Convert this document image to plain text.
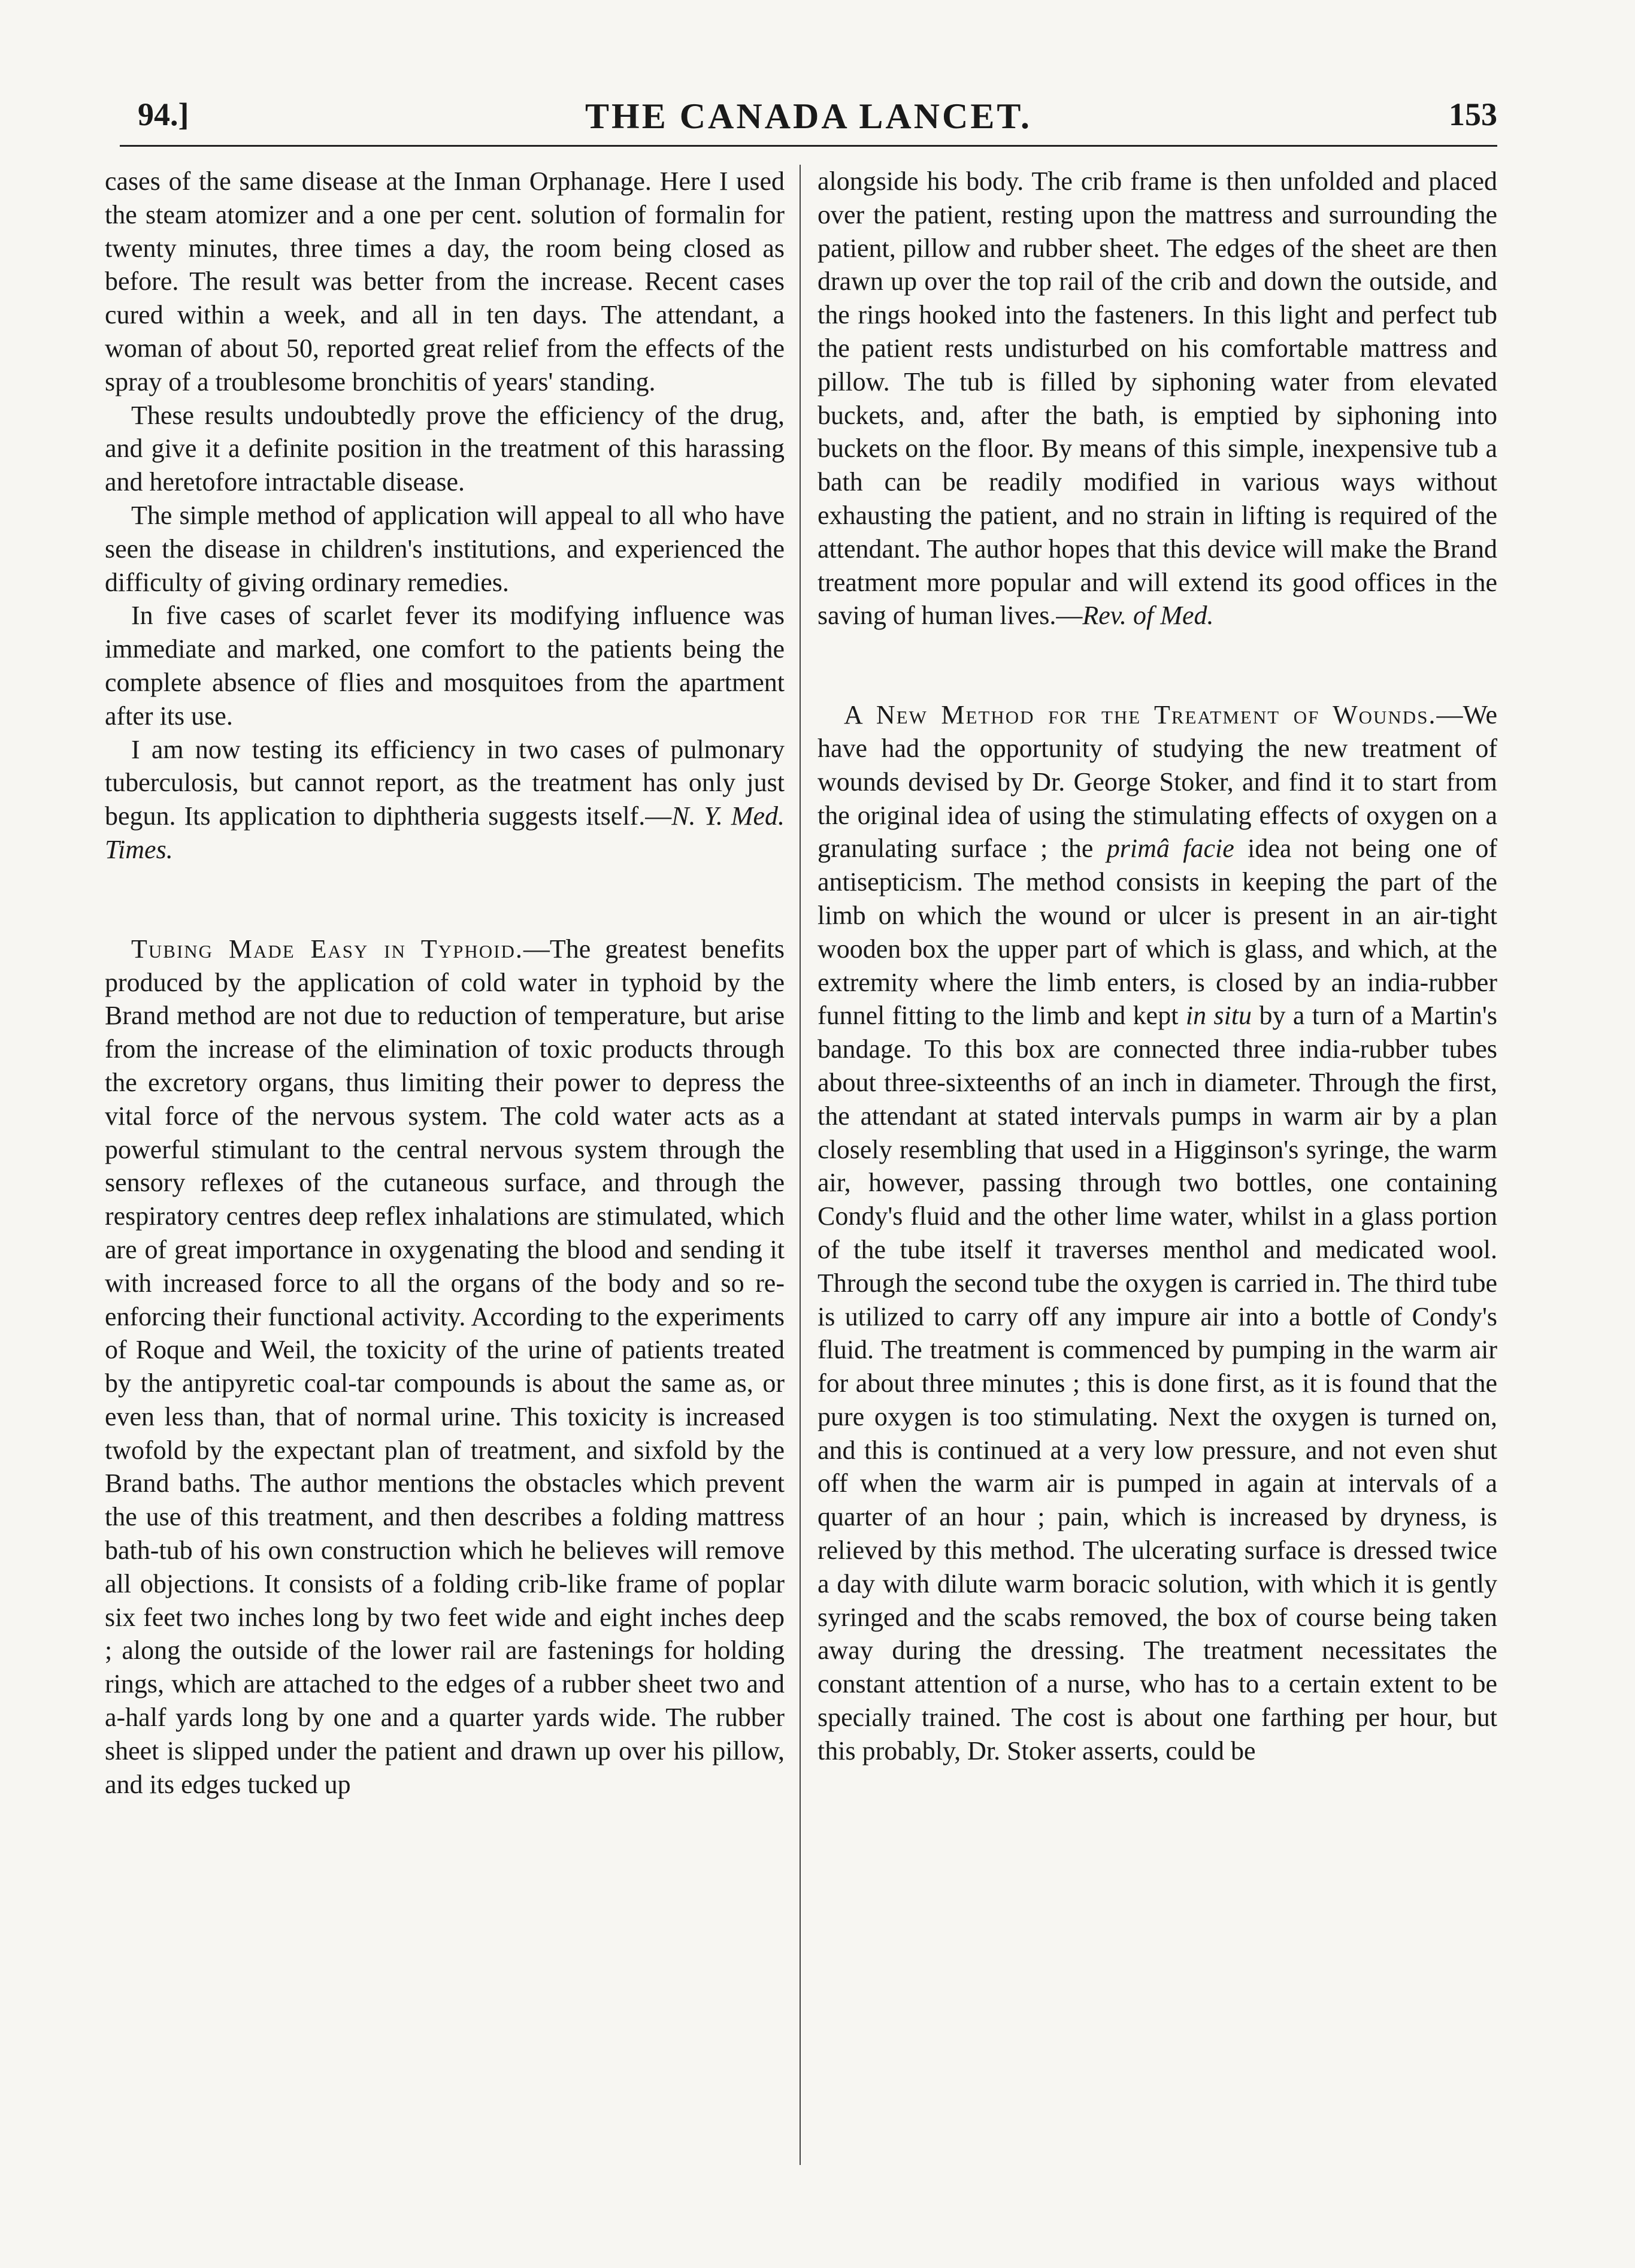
94.]	THE CANADA LANCET.	153

cases of the same disease at the Inman Orphanage. Here I used the steam atomizer and a one per cent. solution of formalin for twenty minutes, three times a day, the room being closed as before. The result was better from the increase. Recent cases cured within a week, and all in ten days. The attendant, a woman of about 50, reported great relief from the effects of the spray of a troublesome bronchitis of years' standing.

These results undoubtedly prove the efficiency of the drug, and give it a definite position in the treatment of this harassing and heretofore intractable disease.

The simple method of application will appeal to all who have seen the disease in children's institutions, and experienced the difficulty of giving ordinary remedies.

In five cases of scarlet fever its modifying influence was immediate and marked, one comfort to the patients being the complete absence of flies and mosquitoes from the apartment after its use.

I am now testing its efficiency in two cases of pulmonary tuberculosis, but cannot report, as the treatment has only just begun. Its application to diphtheria suggests itself.—N. Y. Med. Times.

Tubing Made Easy in Typhoid.—The greatest benefits produced by the application of cold water in typhoid by the Brand method are not due to reduction of temperature, but arise from the increase of the elimination of toxic products through the excretory organs, thus limiting their power to depress the vital force of the nervous system. The cold water acts as a powerful stimulant to the central nervous system through the sensory reflexes of the cutaneous surface, and through the respiratory centres deep reflex inhalations are stimulated, which are of great importance in oxygenating the blood and sending it with increased force to all the organs of the body and so re-enforcing their functional activity. According to the experiments of Roque and Weil, the toxicity of the urine of patients treated by the antipyretic coal-tar compounds is about the same as, or even less than, that of normal urine. This toxicity is increased twofold by the expectant plan of treatment, and sixfold by the Brand baths. The author mentions the obstacles which prevent the use of this treatment, and then describes a folding mattress bath-tub of his own construction which he believes will remove all objections. It consists of a folding crib-like frame of poplar six feet two inches long by two feet wide and eight inches deep ; along the outside of the lower rail are fastenings for holding rings, which are attached to the edges of a rubber sheet two and a-half yards long by one and a quarter yards wide. The rubber sheet is slipped under the patient and drawn up over his pillow, and its edges tucked up

alongside his body. The crib frame is then unfolded and placed over the patient, resting upon the mattress and surrounding the patient, pillow and rubber sheet. The edges of the sheet are then drawn up over the top rail of the crib and down the outside, and the rings hooked into the fasteners. In this light and perfect tub the patient rests undisturbed on his comfortable mattress and pillow. The tub is filled by siphoning water from elevated buckets, and, after the bath, is emptied by siphoning into buckets on the floor. By means of this simple, inexpensive tub a bath can be readily modified in various ways without exhausting the patient, and no strain in lifting is required of the attendant. The author hopes that this device will make the Brand treatment more popular and will extend its good offices in the saving of human lives.—Rev. of Med.

A New Method for the Treatment of Wounds.—We have had the opportunity of studying the new treatment of wounds devised by Dr. George Stoker, and find it to start from the original idea of using the stimulating effects of oxygen on a granulating surface ; the primâ facie idea not being one of antisepticism. The method consists in keeping the part of the limb on which the wound or ulcer is present in an air-tight wooden box the upper part of which is glass, and which, at the extremity where the limb enters, is closed by an india-rubber funnel fitting to the limb and kept in situ by a turn of a Martin's bandage. To this box are connected three india-rubber tubes about three-sixteenths of an inch in diameter. Through the first, the attendant at stated intervals pumps in warm air by a plan closely resembling that used in a Higginson's syringe, the warm air, however, passing through two bottles, one containing Condy's fluid and the other lime water, whilst in a glass portion of the tube itself it traverses menthol and medicated wool. Through the second tube the oxygen is carried in. The third tube is utilized to carry off any impure air into a bottle of Condy's fluid. The treatment is commenced by pumping in the warm air for about three minutes ; this is done first, as it is found that the pure oxygen is too stimulating. Next the oxygen is turned on, and this is continued at a very low pressure, and not even shut off when the warm air is pumped in again at intervals of a quarter of an hour ; pain, which is increased by dryness, is relieved by this method. The ulcerating surface is dressed twice a day with dilute warm boracic solution, with which it is gently syringed and the scabs removed, the box of course being taken away during the dressing. The treatment necessitates the constant attention of a nurse, who has to a certain extent to be specially trained. The cost is about one farthing per hour, but this probably, Dr. Stoker asserts, could be
